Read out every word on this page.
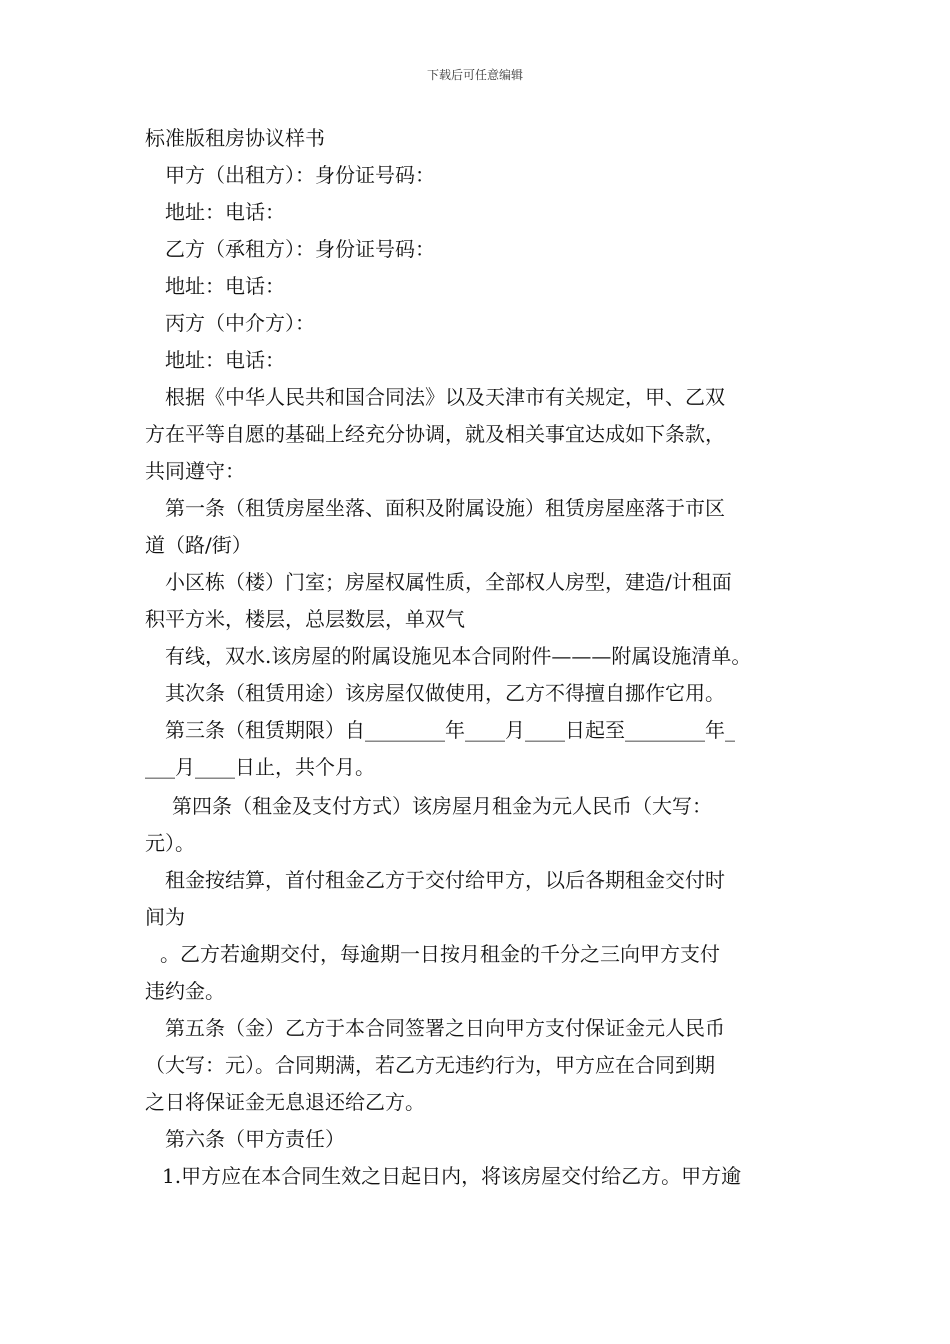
下载后可任意编辑
标准版租房协议样书
甲方（出租方）：身份证号码：
地址：电话：
乙方（承租方）：身份证号码：
地址：电话：
丙方（中介方）：
地址：电话：
根据《中华人民共和国合同法》以及天津市有关规定，甲、乙双
方在平等自愿的基础上经充分协调，就及相关事宜达成如下条款，
共同遵守：
第一条（租赁房屋坐落、面积及附属设施）租赁房屋座落于市区
道（路/街）
小区栋（楼）门室；房屋权属性质，全部权人房型，建造/计租面
积平方米，楼层，总层数层，单双气
有线，双水.该房屋的附属设施见本合同附件———附属设施清单。
其次条（租赁用途）该房屋仅做使用，乙方不得擅自挪作它用。
第三条（租赁期限）自________年____月____日起至________年_
___月____日止，共个月。
第四条（租金及支付方式）该房屋月租金为元人民币（大写：
元）。
租金按结算，首付租金乙方于交付给甲方，以后各期租金交付时
间为
。乙方若逾期交付，每逾期一日按月租金的千分之三向甲方支付
违约金。
第五条（金）乙方于本合同签署之日向甲方支付保证金元人民币
（大写：元）。合同期满，若乙方无违约行为，甲方应在合同到期
之日将保证金无息退还给乙方。
第六条（甲方责任）
1.甲方应在本合同生效之日起日内，将该房屋交付给乙方。甲方逾
